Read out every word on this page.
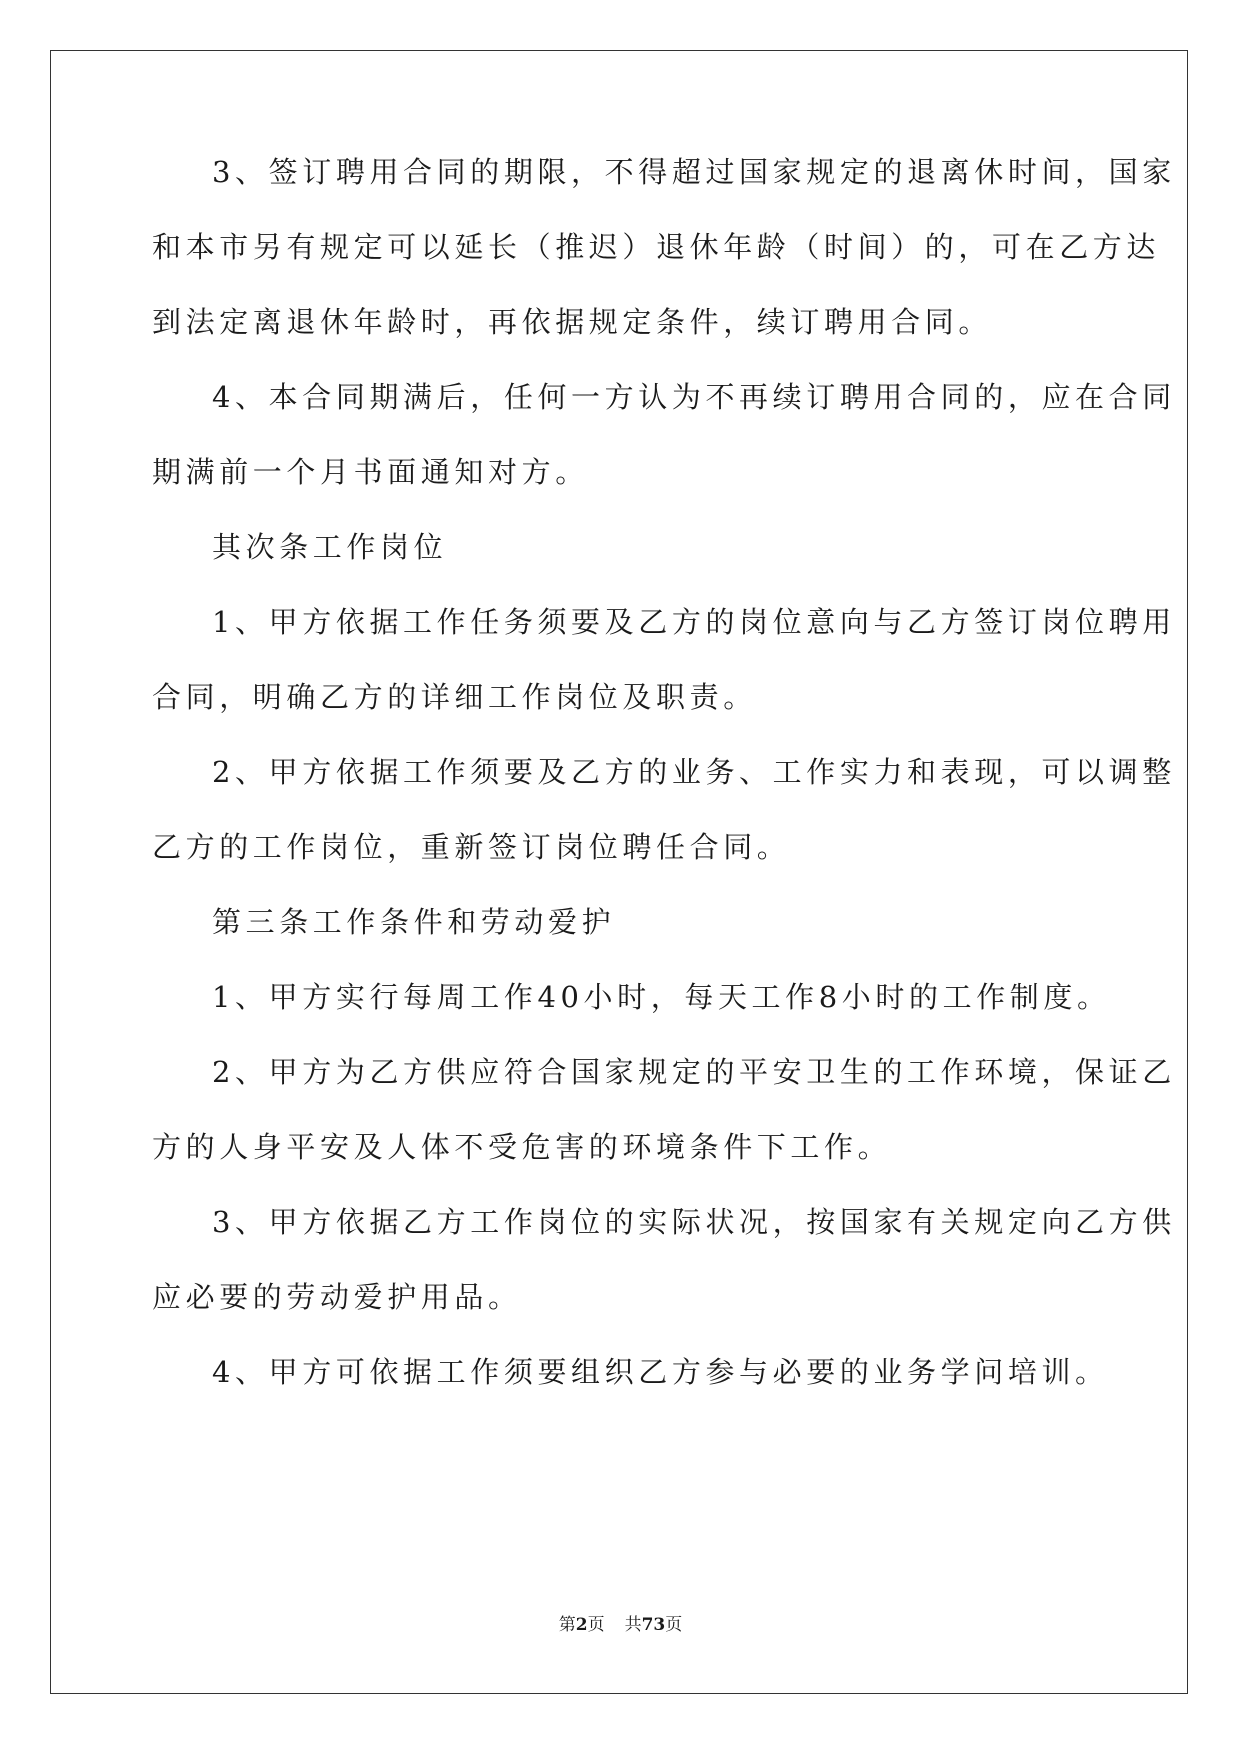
3、签订聘用合同的期限，不得超过国家规定的退离休时间，国家
和本市另有规定可以延长（推迟）退休年龄（时间）的，可在乙方达
到法定离退休年龄时，再依据规定条件，续订聘用合同。
4、本合同期满后，任何一方认为不再续订聘用合同的，应在合同
期满前一个月书面通知对方。
其次条工作岗位
1、甲方依据工作任务须要及乙方的岗位意向与乙方签订岗位聘用
合同，明确乙方的详细工作岗位及职责。
2、甲方依据工作须要及乙方的业务、工作实力和表现，可以调整
乙方的工作岗位，重新签订岗位聘任合同。
第三条工作条件和劳动爱护
1、甲方实行每周工作40小时，每天工作8小时的工作制度。
2、甲方为乙方供应符合国家规定的平安卫生的工作环境，保证乙
方的人身平安及人体不受危害的环境条件下工作。
3、甲方依据乙方工作岗位的实际状况，按国家有关规定向乙方供
应必要的劳动爱护用品。
4、甲方可依据工作须要组织乙方参与必要的业务学问培训。
第2页 共73页
